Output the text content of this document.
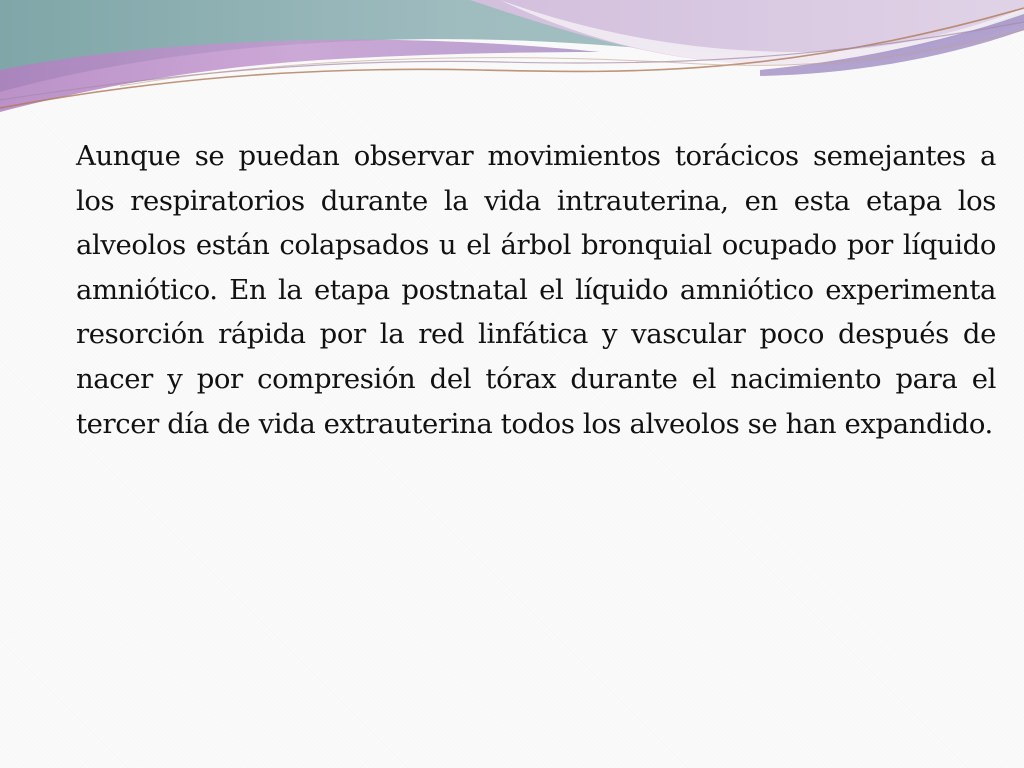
Aunque se puedan observar movimientos torácicos semejantes a los respiratorios durante la vida intrauterina, en esta etapa los alveolos están colapsados u el árbol bronquial ocupado por líquido amniótico. En la etapa postnatal el líquido amniótico experimenta resorción rápida por la red linfática y vascular poco después de nacer y por compresión del tórax durante el nacimiento para el tercer día de vida extrauterina todos los alveolos se han expandido.
